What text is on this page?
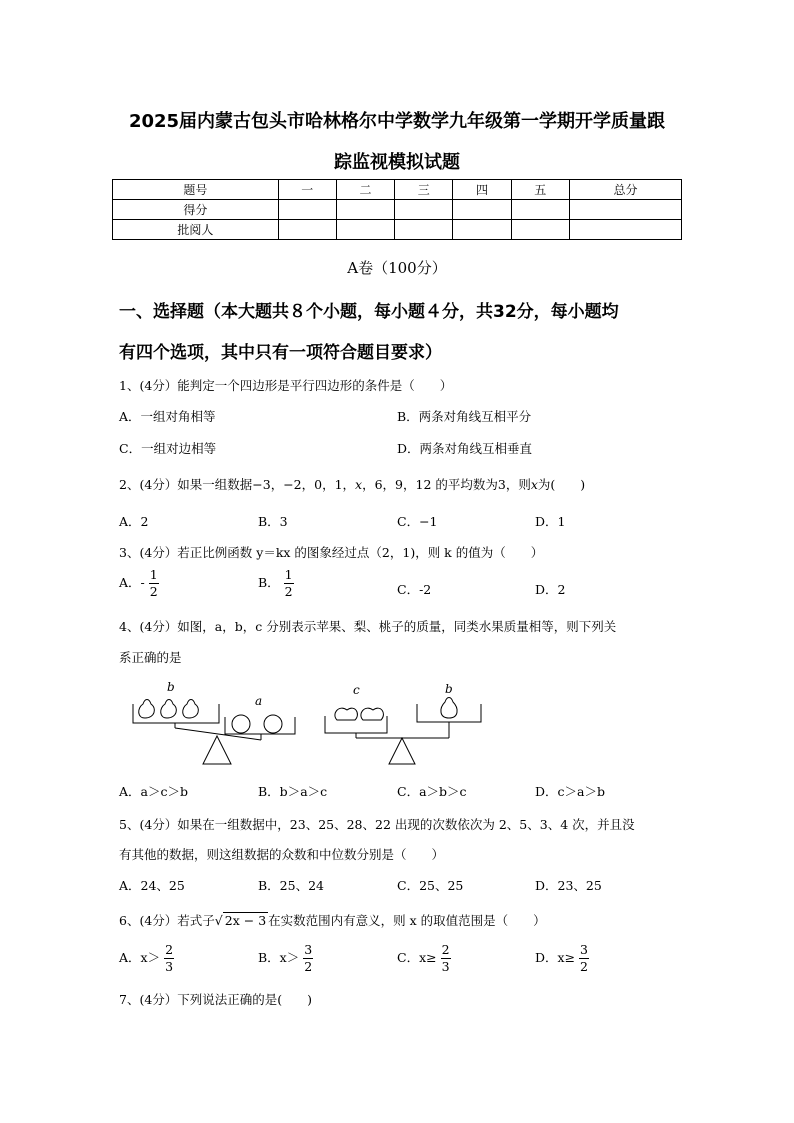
2025届内蒙古包头市哈林格尔中学数学九年级第一学期开学质量跟
踪监视模拟试题
题号	一	二	三	四	五	总分
得分						
批阅人						
A卷（100分）
一、选择题（本大题共８个小题，每小题４分，共32分，每小题均
有四个选项，其中只有一项符合题目要求）
1、(4分）能判定一个四边形是平行四边形的条件是（　　）
A．一组对角相等	B．两条对角线互相平分
C．一组对边相等	D．两条对角线互相垂直
2、(4分）如果一组数据−3，−2，0，1，x，6，9，12 的平均数为3，则x为(　　)
A．2	B．3	C．−1	D．1
3、(4分）若正比例函数 y＝kx 的图象经过点（2，1)，则 k 的值为（　　）
A．- $\frac{1}{2}$	B． $\frac{1}{2}$	C．-2	D．2
4、(4分）如图，a，b，c 分别表示苹果、梨、桃子的质量，同类水果质量相等，则下列关
系正确的是
b
a
c	b
A．a＞c＞b	B．b＞a＞c	C．a＞b＞c	D．c＞a＞b
5、(4分）如果在一组数据中，23、25、28、22 出现的次数依次为 2、5、3、4 次，并且没
有其他的数据，则这组数据的众数和中位数分别是（　　）
A．24、25	B．25、24	C．25、25	D．23、25
6、(4分）若式子√ 2x − 3 在实数范围内有意义，则 x 的取值范围是（　　）
A．$x> \frac{2}{3}$	B．$x> \frac{3}{2}$	C．$x\ge \frac{2}{3}$	D．$x\ge \frac{3}{2}$
7、(4分）下列说法正确的是(　　)
